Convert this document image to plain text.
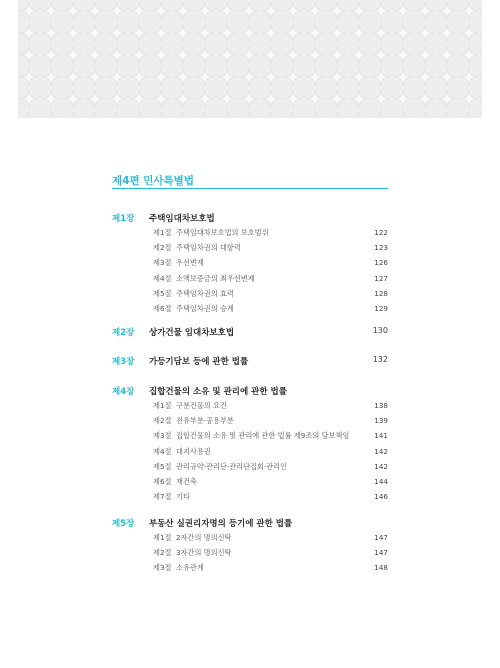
제4편 민사특별법
제1장 주택임대차보호법
제1절 주택임대차보호법의 보호범위	122
제2절 주택임차권의 대항력	123
제3절 우선변제	126
제4절 소액보증금의 최우선변제	127
제5절 주택임차권의 효력	128
제6절 주택임차권의 승계	129
제2장 상가건물 임대차보호법	130
제3장 가등기담보 등에 관한 법률	132
제4장 집합건물의 소유 및 관리에 관한 법률
제1절 구분건물의 요건	138
제2절 전유부분·공용부분	139
제3절 집합건물의 소유 및 관리에 관한 법률 제9조의 담보책임	141
제4절 대지사용권	142
제5절 관리규약·관리단·관리단집회·관리인	142
제6절 재건축	144
제7절 기타	146
제5장 부동산 실권리자명의 등기에 관한 법률
제1절 2자간의 명의신탁	147
제2절 3자간의 명의신탁	147
제3절 소유관계	148
